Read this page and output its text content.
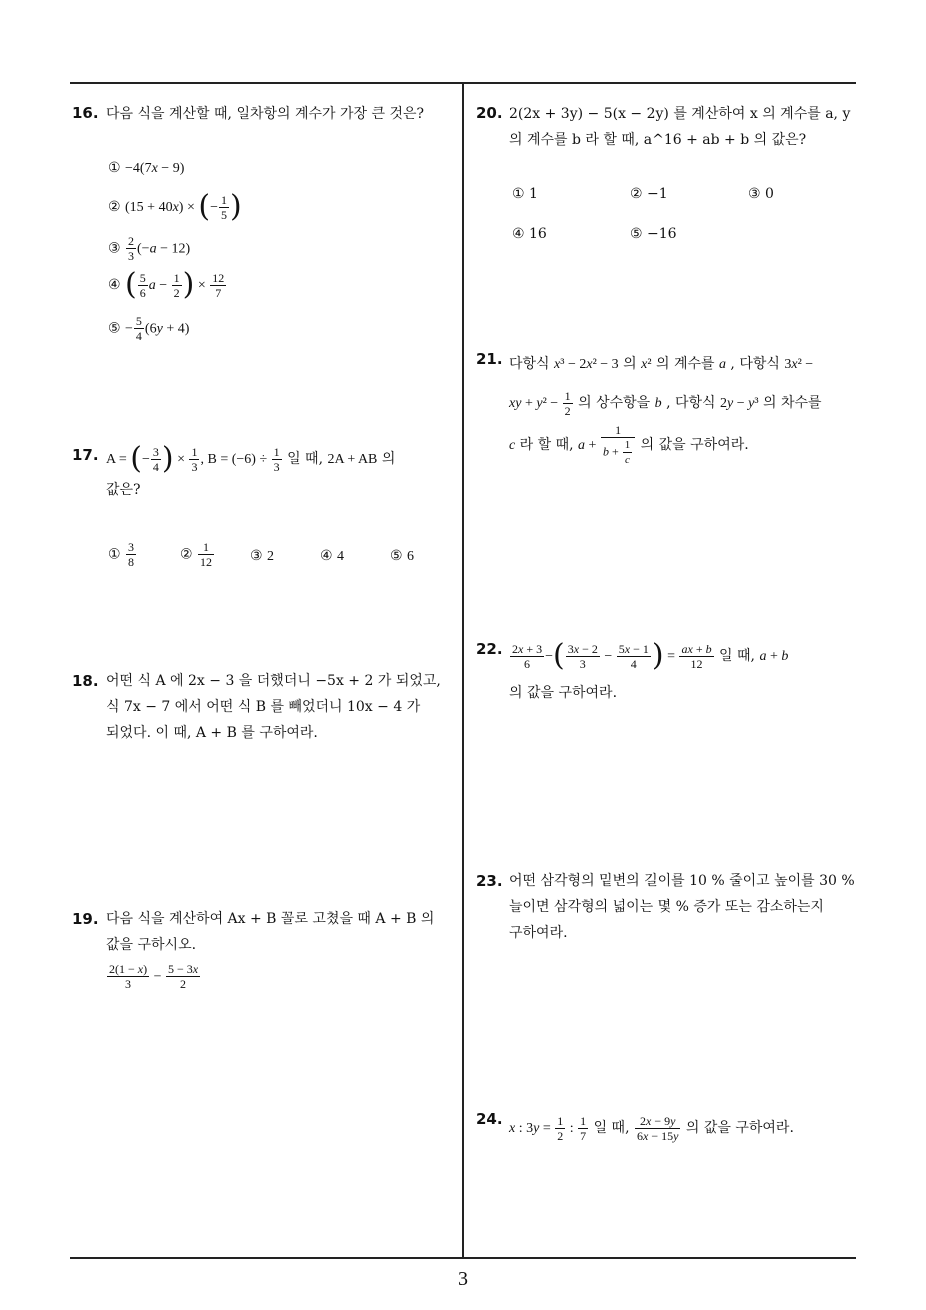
16. 다음 식을 계산할 때, 일차항의 계수가 가장 큰 것은?
① −4(7x − 9)
② (15 + 40x) × (− $\frac{1}{5}$ )
③ $\frac{2}{3} (-a - 12)$
④ ( $\frac{5}{6}$ $a - \frac{1}{2}$ ) × $\frac{12}{7}$
⑤ − $\frac{5}{4} (6y + 4)$
17. A = (− $\frac{3}{4}$ ) × $\frac{1}{3}$ , $B = (-6) \div \frac{1}{3}$ 일 때, 2A + AB 의
값은?
① $\frac{3}{8}$	② $\frac{1}{12}$	③ 2	④ 4	⑤ 6
18. 어떤 식 A 에 2x − 3 을 더했더니 −5x + 2 가 되었고,
식 7x − 7 에서 어떤 식 B 를 빼었더니 10x − 4 가
되었다. 이 때, A + B 를 구하여라.
19. 다음 식을 계산하여 Ax + B 꼴로 고쳤을 때 A + B 의
값을 구하시오.
$\frac{2(1 - x)}{3} - \frac{5 - 3x}{2}$
20. 2(2x + 3y) − 5(x − 2y) 를 계산하여 x 의 계수를 a, y
의 계수를 b 라 할 때, a^16 + ab + b 의 값은?
① 1	② −1	③ 0
④ 16	⑤ −16
21. 다항식 x³ − 2x² − 3 의 x² 의 계수를 a , 다항식 3x² −
xy + $y^2 - \frac{1}{2}$ 의 상수항을 b , 다항식 2y − y³ 의 차수를
c 라 할 때, $a + \frac{1}{b + \frac{1}{c}}$ 의 값을 구하여라.
22. $\frac{2x + 3}{6}$ −( $\frac{3x - 2}{3} - \frac{5x - 1}{4}$ ) = $\frac{ax + b}{12}$ 일 때, a + b
의 값을 구하여라.
23. 어떤 삼각형의 밑변의 길이를 10 % 줄이고 높이를 30 %
늘이면 삼각형의 넓이는 몇 % 증가 또는 감소하는지
구하여라.
24.
x : $3y = \frac{1}{2}$ : $\frac{1}{7}$ 일 때, $\frac{2x - 9y}{6x - 15y}$ 의 값을 구하여라.
3
